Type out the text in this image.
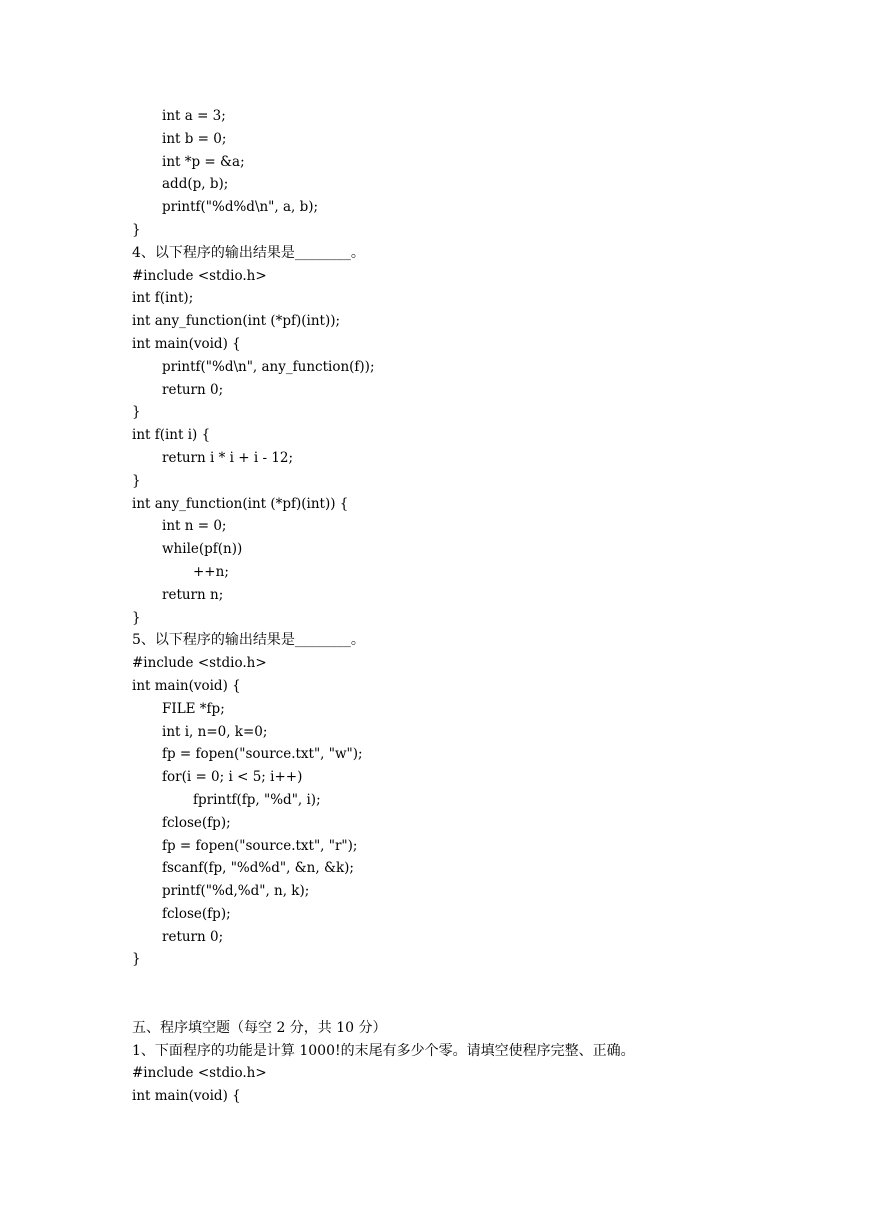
int a = 3;
int b = 0;
int *p = &a;
add(p, b);
printf("%d%d\n", a, b);
}
4、以下程序的输出结果是________。
#include <stdio.h>
int f(int);
int any_function(int (*pf)(int));
int main(void) {
printf("%d\n", any_function(f));
return 0;
}
int f(int i) {
return i * i + i - 12;
}
int any_function(int (*pf)(int)) {
int n = 0;
while(pf(n))
++n;
return n;
}
5、以下程序的输出结果是________。
#include <stdio.h>
int main(void) {
FILE *fp;
int i, n=0, k=0;
fp = fopen("source.txt", "w");
for(i = 0; i < 5; i++)
fprintf(fp, "%d", i);
fclose(fp);
fp = fopen("source.txt", "r");
fscanf(fp, "%d%d", &n, &k);
printf("%d,%d", n, k);
fclose(fp);
return 0;
}
五、程序填空题（每空 2 分，共 10 分）
1、下面程序的功能是计算 1000!的末尾有多少个零。请填空使程序完整、正确。
#include <stdio.h>
int main(void) {
